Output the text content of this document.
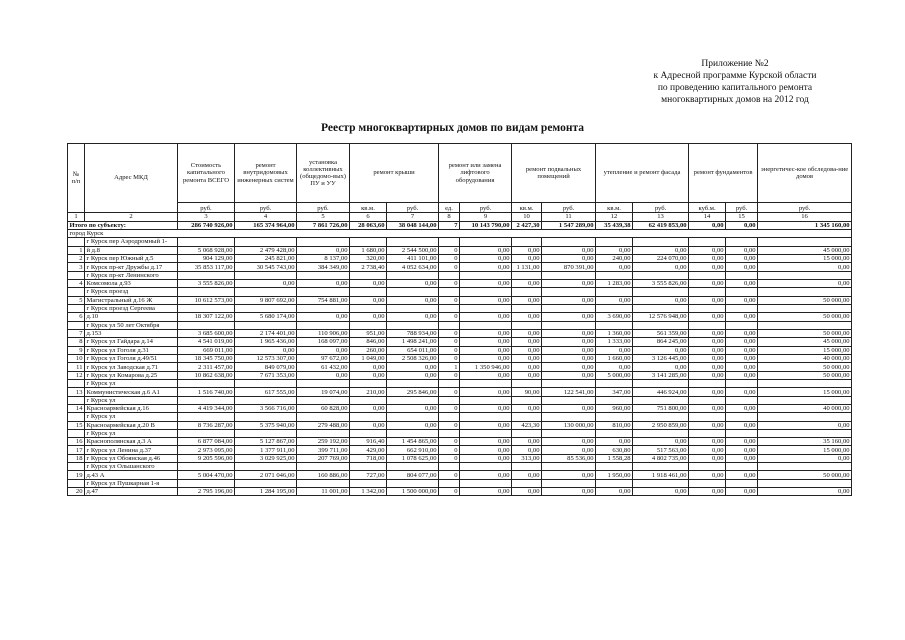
Приложение №2
к Адресной программе Курской области
по проведению капитального ремонта
многоквартирных домов на 2012 год
Реестр многоквартирных домов по видам ремонта
№ п/п	Адрес МКД	Стоимость капитального ремонта ВСЕГО	ремонт внутридомовых инженерных систем	установка коллективных (общедомо-вых) ПУ и УУ	ремонт крыши		ремонт или замена лифтового оборудования		ремонт подвальных помещений		утепление и ремонт фасада		ремонт фундаментов		энергетичес-кое обследова-ние домов
		руб.	руб.	руб.	кв.м.	руб.	ед.	руб.	кв.м.	руб.	кв.м.	руб.	куб.м.	руб.	руб.
1	2	3	4	5	6	7	8	9	10	11	12	13	14	15	16
Итого по субъекту:		286 740 926,00	165 374 964,00	7 861 726,00	28 063,60	38 048 144,00	7	10 143 790,00	2 427,30	1 547 289,00	35 439,38	62 419 853,00	0,00	0,00	1 345 160,00
город Курск															
	г Курск пер Аэродромный 1-														
1	й д.8	5 068 928,00	2 479 428,00	0,00	1 680,00	2 544 500,00	0	0,00	0,00	0,00	0,00	0,00	0,00	0,00	45 000,00
2	г Курск пер Южный д.5	904 129,00	245 821,00	8 137,00	320,00	411 101,00	0	0,00	0,00	0,00	240,00	224 070,00	0,00	0,00	15 000,00
3	г Курск пр-кт Дружбы д.17	35 853 117,00	30 545 743,00	384 349,00	2 738,40	4 052 634,00	0	0,00	1 131,00	870 391,00	0,00	0,00	0,00	0,00	0,00
	г Курск пр-кт Ленинского														
4	Комсомола д.93	3 555 826,00	0,00	0,00	0,00	0,00	0	0,00	0,00	0,00	1 283,00	3 555 826,00	0,00	0,00	0,00
	г Курск проезд														
5	Магистральный д.16 Ж	10 612 573,00	9 807 692,00	754 881,00	0,00	0,00	0	0,00	0,00	0,00	0,00	0,00	0,00	0,00	50 000,00
	г Курск проезд Сергеева														
6	д.10	18 307 122,00	5 680 174,00	0,00	0,00	0,00	0	0,00	0,00	0,00	3 690,00	12 576 948,00	0,00	0,00	50 000,00
	г Курск ул 50 лет Октября														
7	д.153	3 685 600,00	2 174 401,00	110 906,00	951,00	788 934,00	0	0,00	0,00	0,00	1 360,00	561 359,00	0,00	0,00	50 000,00
8	г Курск ул Гайдара д.14	4 541 019,00	1 965 436,00	168 097,00	846,00	1 498 241,00	0	0,00	0,00	0,00	1 333,00	864 245,00	0,00	0,00	45 000,00
9	г Курск ул Гоголя д.31	669 011,00	0,00	0,00	260,00	654 011,00	0	0,00	0,00	0,00	0,00	0,00	0,00	0,00	15 000,00
10	г Курск ул Гоголя д.49/51	18 345 750,00	12 573 307,00	97 672,00	1 049,00	2 508 326,00	0	0,00	0,00	0,00	1 660,00	3 126 445,00	0,00	0,00	40 000,00
11	г Курск ул Заводская д.71	2 311 457,00	849 079,00	61 432,00	0,00	0,00	1	1 350 946,00	0,00	0,00	0,00	0,00	0,00	0,00	50 000,00
12	г Курск ул Комарова д.25	10 862 638,00	7 671 353,00	0,00	0,00	0,00	0	0,00	0,00	0,00	5 000,00	3 141 285,00	0,00	0,00	50 000,00
	г Курск ул														
13	Коммунистическая д.6 А1	1 516 740,00	617 555,00	19 074,00	210,00	295 846,00	0	0,00	90,00	122 541,00	347,00	446 924,00	0,00	0,00	15 000,00
	г Курск ул														
14	Красноармейская д.16	4 419 344,00	3 566 716,00	60 828,00	0,00	0,00	0	0,00	0,00	0,00	960,00	751 800,00	0,00	0,00	40 000,00
	г Курск ул														
15	Красноармейская д.20 В	8 736 287,00	5 375 940,00	279 488,00	0,00	0,00	0	0,00	423,30	130 000,00	810,00	2 950 859,00	0,00	0,00	0,00
	г Курск ул														
16	Краснополянская д.3 А	6 877 084,00	5 127 867,00	259 192,00	916,40	1 454 865,00	0	0,00	0,00	0,00	0,00	0,00	0,00	0,00	35 160,00
17	г Курск ул Ленина д.37	2 973 095,00	1 377 911,00	399 711,00	429,00	662 910,00	0	0,00	0,00	0,00	630,80	517 563,00	0,00	0,00	15 000,00
18	г Курск ул Обоянская д.46	9 205 596,00	3 029 925,00	207 769,00	718,00	1 078 625,00	0	0,00	313,00	85 536,00	1 558,28	4 802 735,00	0,00	0,00	0,00
	г Курск ул Ольшанского														
19	д.43 А	5 004 470,00	2 071 046,00	160 886,00	727,00	804 077,00	0	0,00	0,00	0,00	1 950,00	1 918 461,00	0,00	0,00	50 000,00
	г Курск ул Пушкарная 1-я														
20	д.47	2 795 196,00	1 284 195,00	11 001,00	1 342,00	1 500 000,00	0	0,00	0,00	0,00	0,00	0,00	0,00	0,00	0,00
